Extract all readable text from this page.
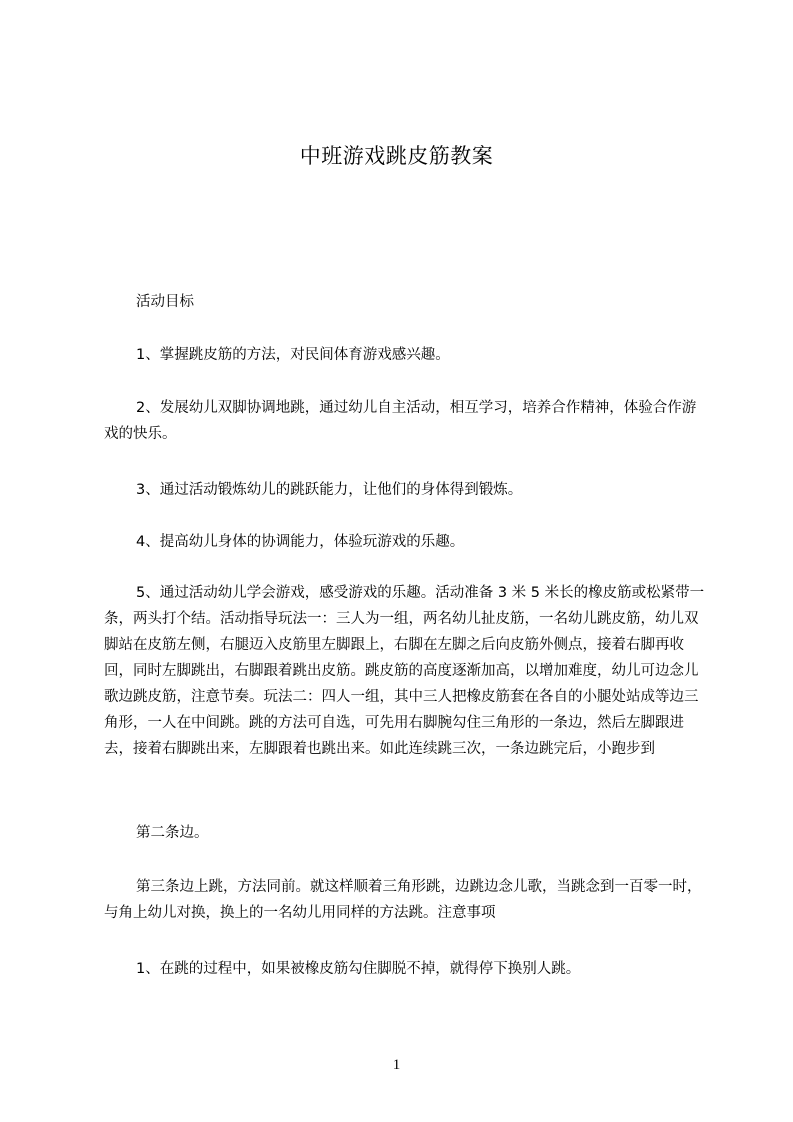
中班游戏跳皮筋教案
活动目标
1、掌握跳皮筋的方法，对民间体育游戏感兴趣。
2、发展幼儿双脚协调地跳，通过幼儿自主活动，相互学习，培养合作精神，体验合作游戏的快乐。
3、通过活动锻炼幼儿的跳跃能力，让他们的身体得到锻炼。
4、提高幼儿身体的协调能力，体验玩游戏的乐趣。
5、通过活动幼儿学会游戏，感受游戏的乐趣。活动准备 3 米 5 米长的橡皮筋或松紧带一条，两头打个结。活动指导玩法一：三人为一组，两名幼儿扯皮筋，一名幼儿跳皮筋，幼儿双脚站在皮筋左侧，右腿迈入皮筋里左脚跟上，右脚在左脚之后向皮筋外侧点，接着右脚再收回，同时左脚跳出，右脚跟着跳出皮筋。跳皮筋的高度逐渐加高，以增加难度，幼儿可边念儿歌边跳皮筋，注意节奏。玩法二：四人一组，其中三人把橡皮筋套在各自的小腿处站成等边三角形，一人在中间跳。跳的方法可自选，可先用右脚腕勾住三角形的一条边，然后左脚跟进去，接着右脚跳出来，左脚跟着也跳出来。如此连续跳三次，一条边跳完后，小跑步到
第二条边。
第三条边上跳，方法同前。就这样顺着三角形跳，边跳边念儿歌，当跳念到一百零一时，与角上幼儿对换，换上的一名幼儿用同样的方法跳。注意事项
1、在跳的过程中，如果被橡皮筋勾住脚脱不掉，就得停下换别人跳。
1
